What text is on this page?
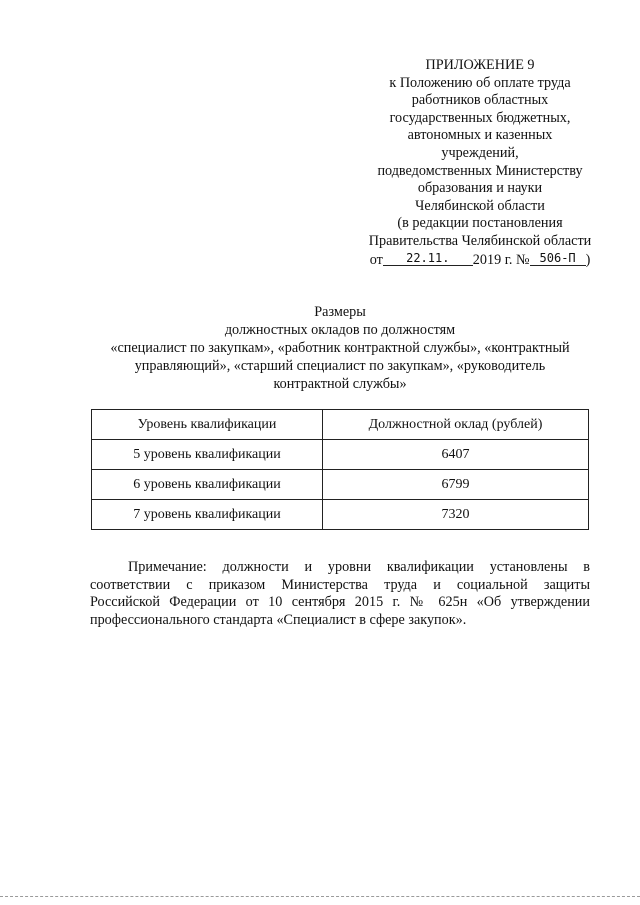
ПРИЛОЖЕНИЕ 9
к Положению об оплате труда
работников областных
государственных бюджетных,
автономных и казенных
учреждений,
подведомственных Министерству
образования и науки
Челябинской области
(в редакции постановления
Правительства Челябинской области
от 22.11. 2019 г. № 506-П )
Размеры
должностных окладов по должностям
«специалист по закупкам», «работник контрактной службы», «контрактный
управляющий», «старший специалист по закупкам», «руководитель
контрактной службы»
Уровень квалификации	Должностной оклад (рублей)
5 уровень квалификации	6407
6 уровень квалификации	6799
7 уровень квалификации	7320
Примечание: должности и уровни квалификации установлены в
соответствии с приказом Министерства труда и социальной защиты
Российской Федерации от 10 сентября 2015 г. № 625н «Об утверждении
профессионального стандарта «Специалист в сфере закупок».
